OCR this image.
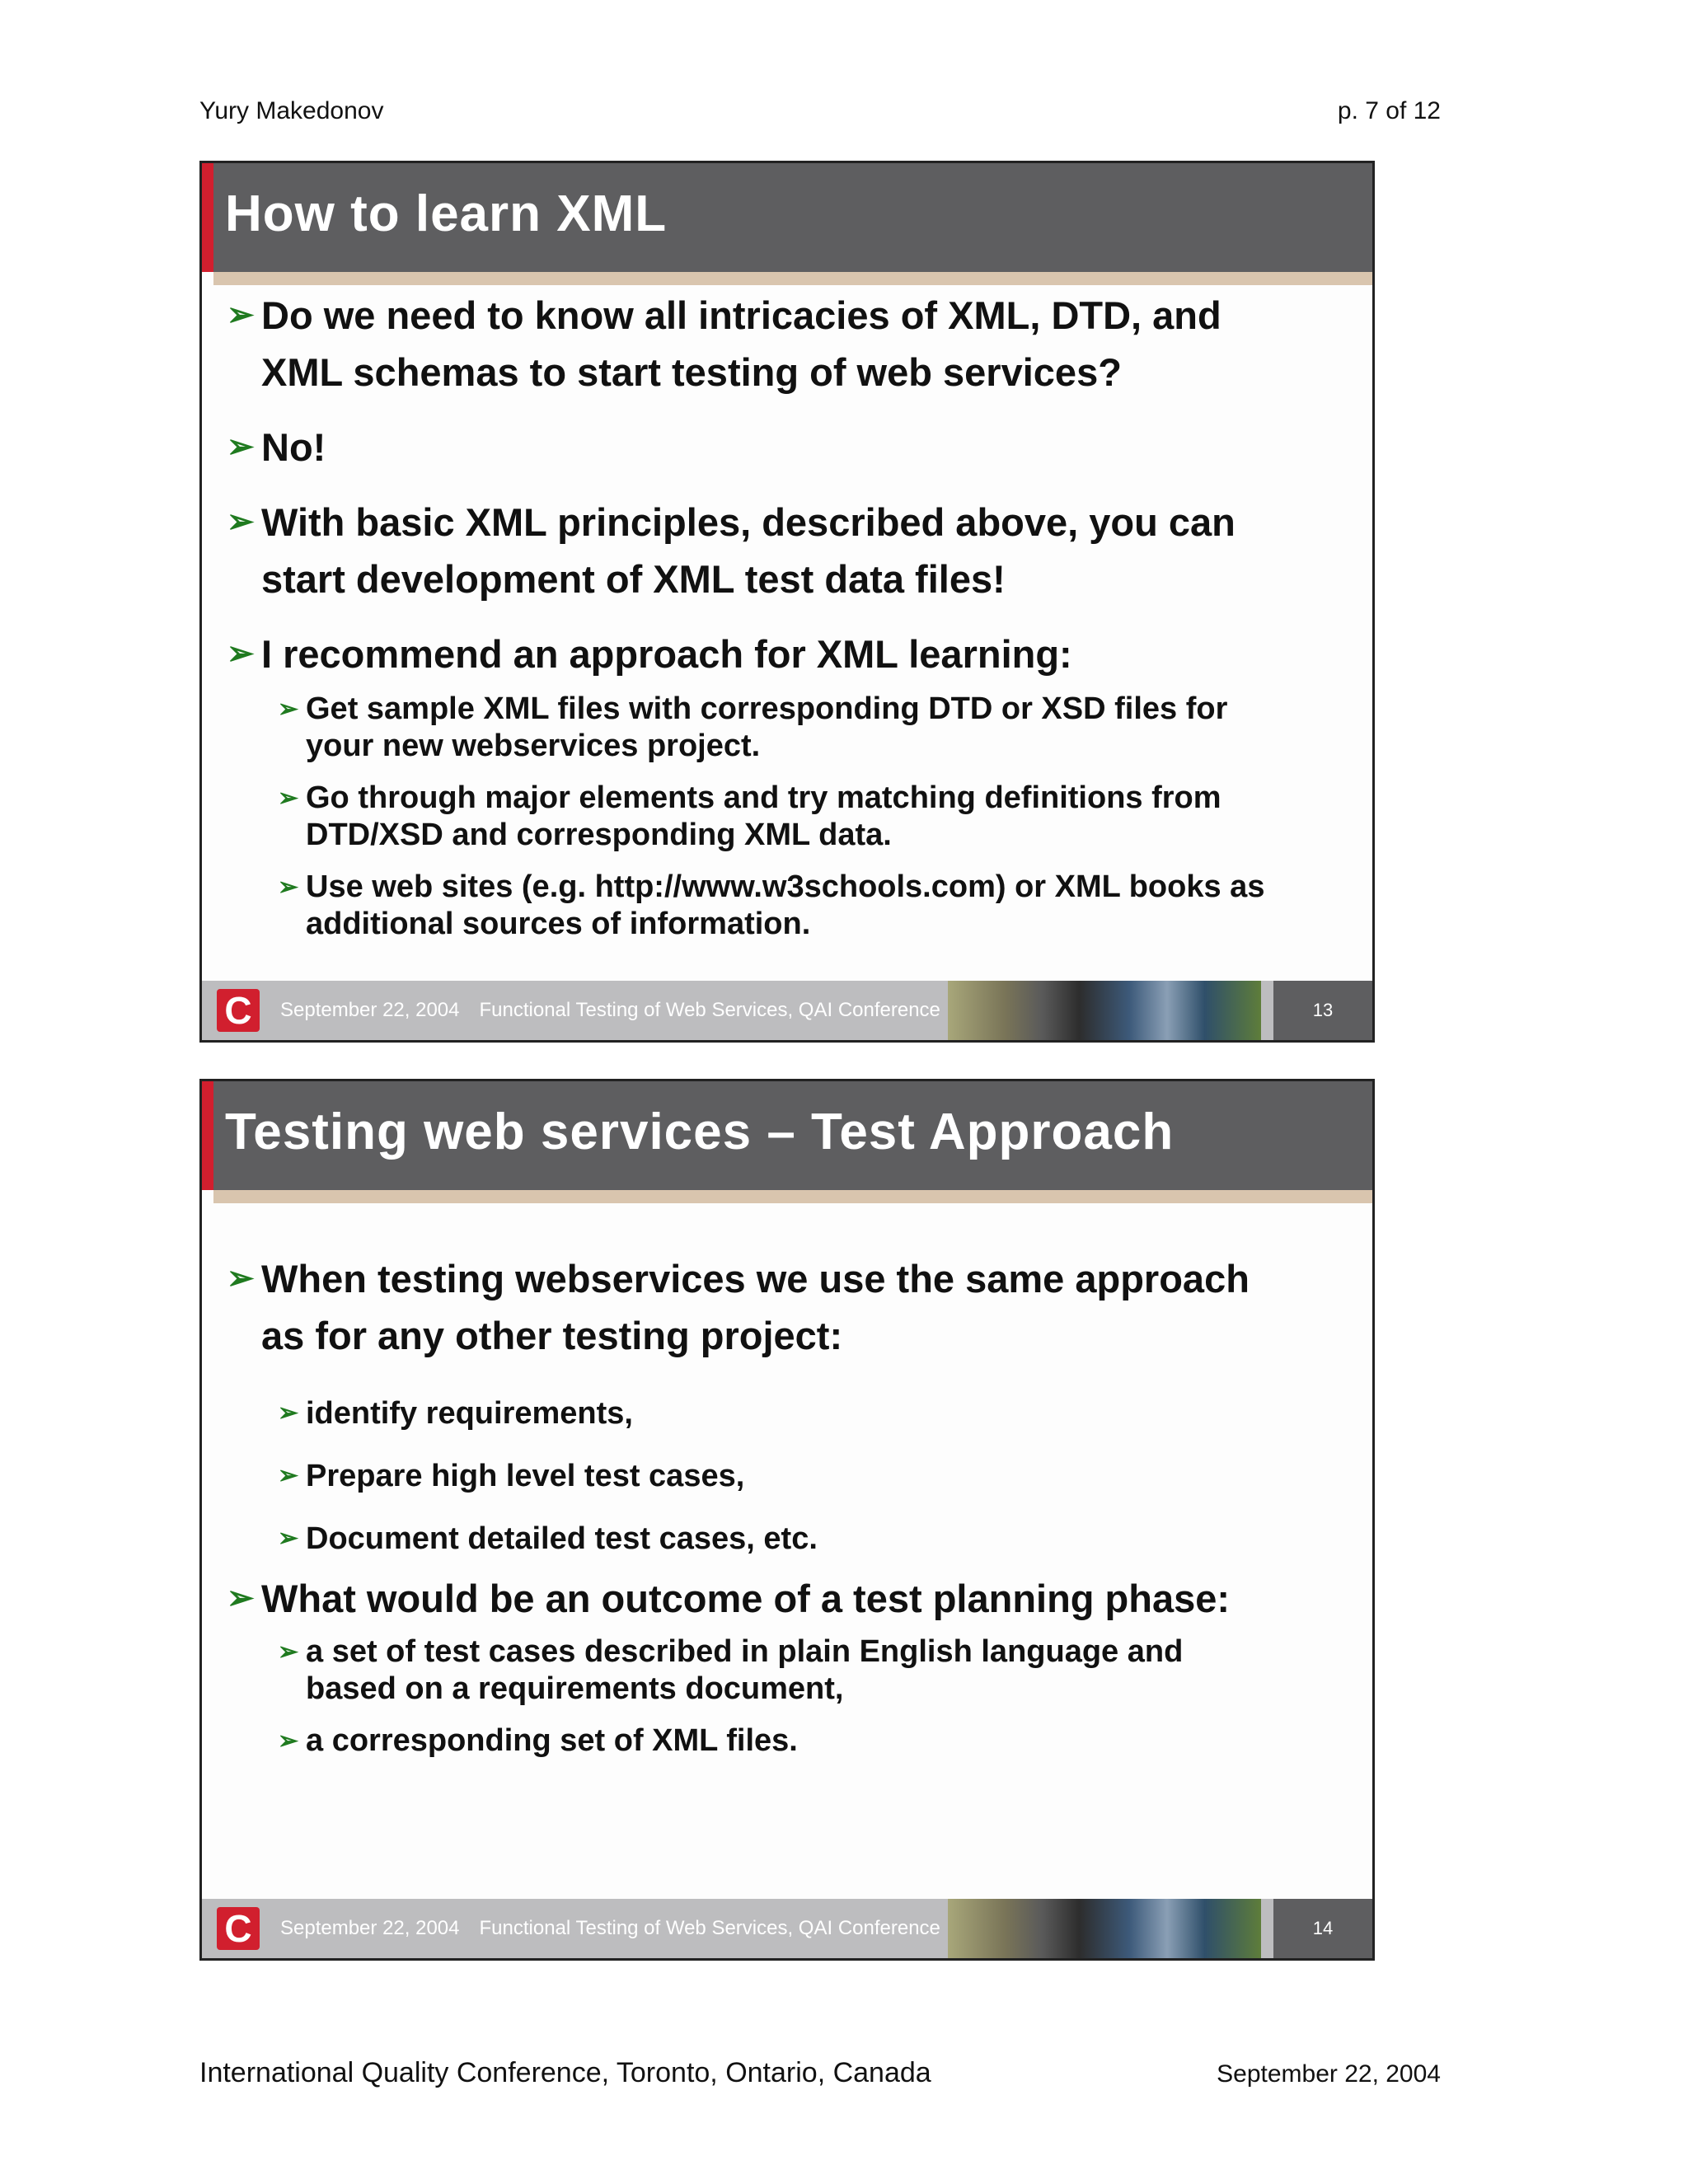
Yury Makedonov	p. 7 of 12
How to learn XML
➢ Do we need to know all intricacies of XML, DTD, and XML schemas to start testing of web services?
➢ No!
➢ With basic XML principles, described above, you can start development of XML test data files!
➢ I recommend an approach for XML learning:
➢ Get sample XML files with corresponding DTD or XSD files for your new webservices project.
➢ Go through major elements and try matching definitions from DTD/XSD and corresponding XML data.
➢ Use web sites (e.g. http://www.w3schools.com) or XML books as additional sources of information.
C	September 22, 2004 Functional Testing of Web Services, QAI Conference	13
Testing web services – Test Approach
➢ When testing webservices we use the same approach as for any other testing project:
➢ identify requirements,
➢ Prepare high level test cases,
➢ Document detailed test cases, etc.
➢ What would be an outcome of a test planning phase:
➢ a set of test cases described in plain English language and based on a requirements document,
➢ a corresponding set of XML files.
C	September 22, 2004 Functional Testing of Web Services, QAI Conference	14
International Quality Conference, Toronto, Ontario, Canada	September 22, 2004
